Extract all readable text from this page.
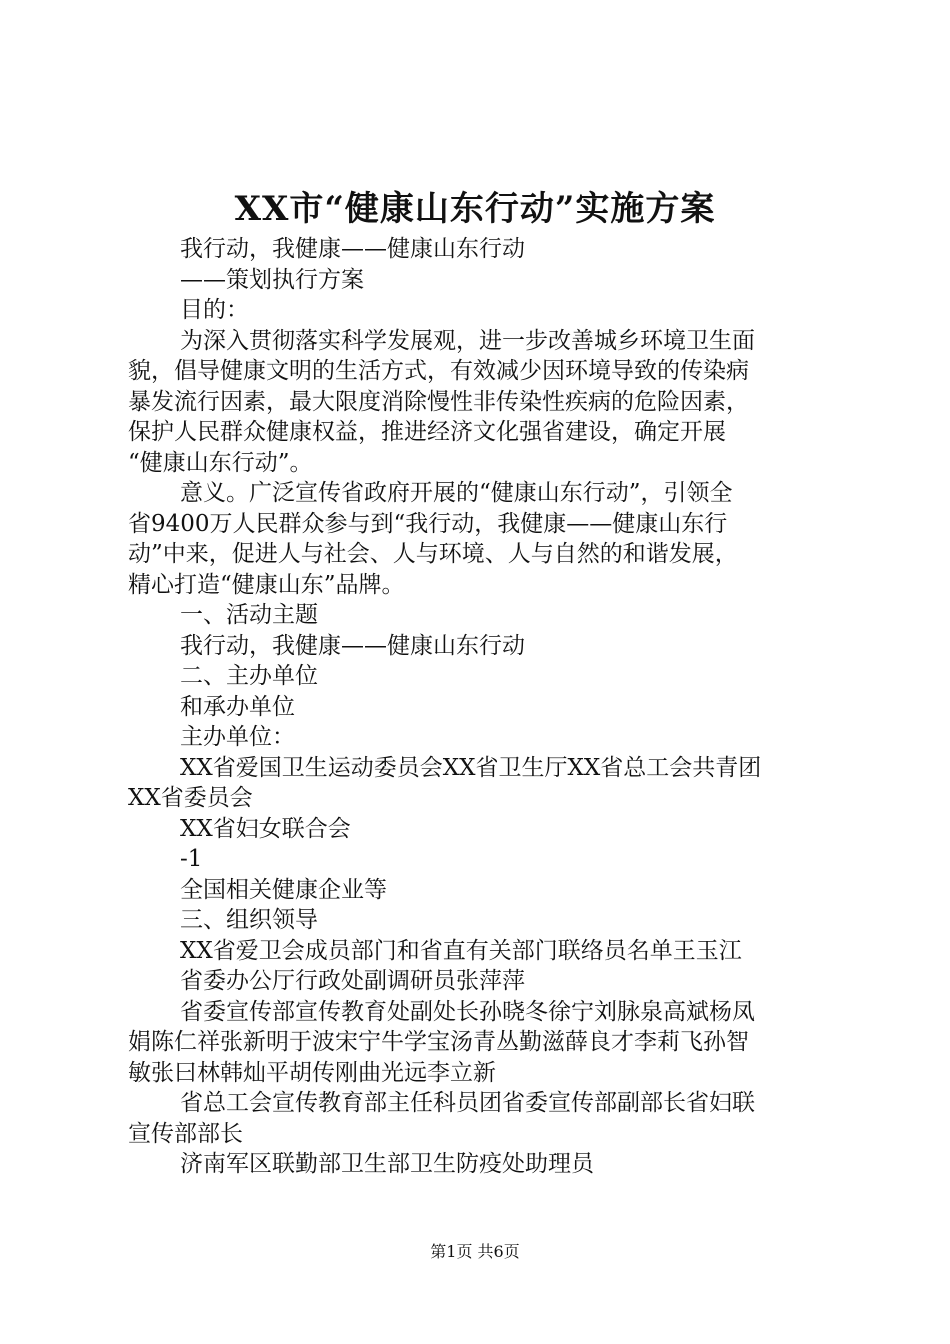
XX市“健康山东行动”实施方案

我行动，我健康——健康山东行动

——策划执行方案

目的：

为深入贯彻落实科学发展观，进一步改善城乡环境卫生面

貌，倡导健康文明的生活方式，有效减少因环境导致的传染病

暴发流行因素，最大限度消除慢性非传染性疾病的危险因素，

保护人民群众健康权益，推进经济文化强省建设，确定开展

“健康山东行动”。

意义。广泛宣传省政府开展的“健康山东行动”，引领全

省9400万人民群众参与到“我行动，我健康——健康山东行

动”中来，促进人与社会、人与环境、人与自然的和谐发展，

精心打造“健康山东”品牌。

一、活动主题

我行动，我健康——健康山东行动

二、主办单位

和承办单位

主办单位：

XX省爱国卫生运动委员会XX省卫生厅XX省总工会共青团

XX省委员会

XX省妇女联合会

-1

全国相关健康企业等

三、组织领导

XX省爱卫会成员部门和省直有关部门联络员名单王玉江

省委办公厅行政处副调研员张萍萍

省委宣传部宣传教育处副处长孙晓冬徐宁刘脉泉高斌杨凤

娟陈仁祥张新明于波宋宁牛学宝汤青丛勤滋薛良才李莉飞孙智

敏张曰林韩灿平胡传刚曲光远李立新

省总工会宣传教育部主任科员团省委宣传部副部长省妇联

宣传部部长

济南军区联勤部卫生部卫生防疫处助理员

第1页 共6页
